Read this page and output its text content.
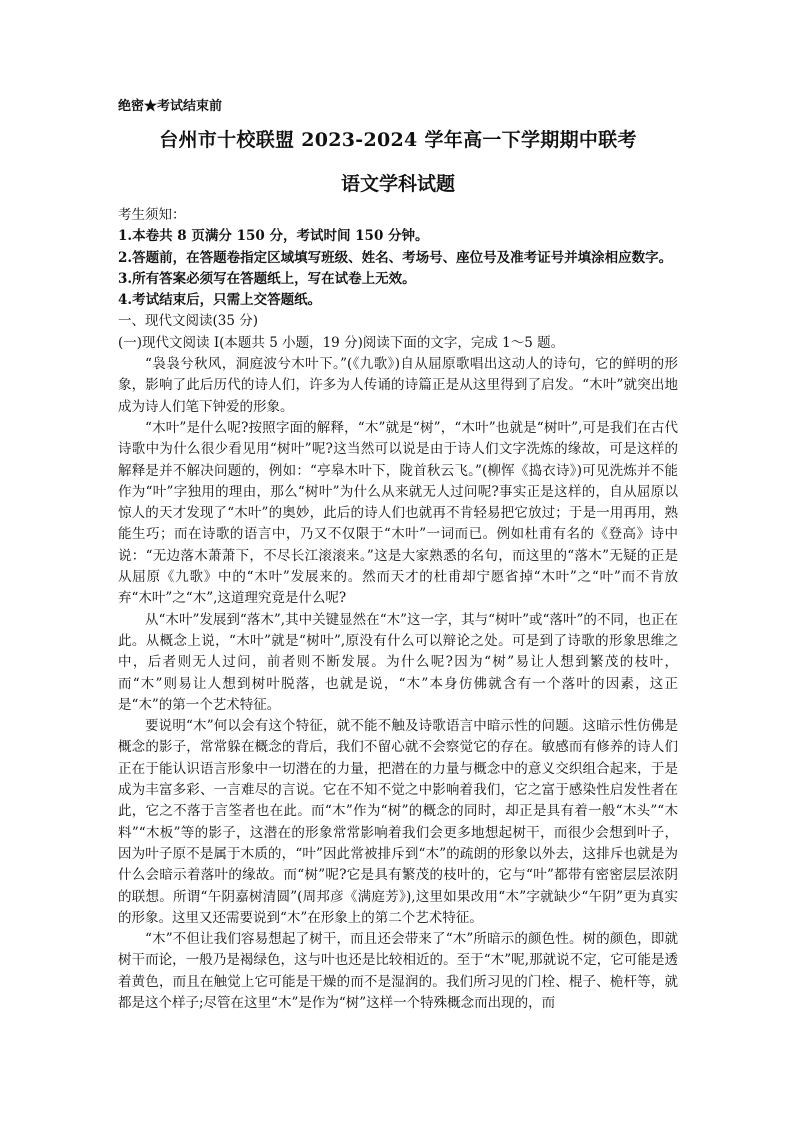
绝密★考试结束前

台州市十校联盟 2023-2024 学年高一下学期期中联考

语文学科试题

考生须知：

1.本卷共 8 页满分 150 分，考试时间 150 分钟。

2.答题前，在答题卷指定区域填写班级、姓名、考场号、座位号及准考证号并填涂相应数字。

3.所有答案必须写在答题纸上，写在试卷上无效。

4.考试结束后，只需上交答题纸。

一、现代文阅读(35 分)

(一)现代文阅读 I(本题共 5 小题，19 分)阅读下面的文字，完成 1～5 题。

“袅袅兮秋风，洞庭波兮木叶下。”(《九歌》)自从屈原歌唱出这动人的诗句，它的鲜明的形象，影响了此后历代的诗人们，许多为人传诵的诗篇正是从这里得到了启发。“木叶”就突出地成为诗人们笔下钟爱的形象。

“木叶”是什么呢?按照字面的解释，“木”就是“树”，“木叶”也就是“树叶”,可是我们在古代诗歌中为什么很少看见用“树叶”呢?这当然可以说是由于诗人们文字洗炼的缘故，可是这样的解释是并不解决问题的，例如：“亭皋木叶下，陇首秋云飞。”(柳恽《捣衣诗》)可见洗炼并不能作为“叶”字独用的理由，那么“树叶”为什么从来就无人过问呢?事实正是这样的，自从屈原以惊人的天才发现了“木叶”的奥妙，此后的诗人们也就再不肯轻易把它放过；于是一用再用，熟能生巧；而在诗歌的语言中，乃又不仅限于“木叶”一词而已。例如杜甫有名的《登高》诗中说：“无边落木萧萧下，不尽长江滚滚来。”这是大家熟悉的名句，而这里的“落木”无疑的正是从屈原《九歌》中的“木叶”发展来的。然而天才的杜甫却宁愿省掉“木叶”之“叶”而不肯放弃“木叶”之“木”,这道理究竟是什么呢?

从“木叶”发展到“落木”,其中关键显然在“木”这一字，其与“树叶”或“落叶”的不同，也正在此。从概念上说，“木叶”就是“树叶”,原没有什么可以辩论之处。可是到了诗歌的形象思维之中，后者则无人过问，前者则不断发展。为什么呢?因为“树”易让人想到繁茂的枝叶，而“木”则易让人想到树叶脱落，也就是说，“木”本身仿佛就含有一个落叶的因素，这正是“木”的第一个艺术特征。

要说明“木”何以会有这个特征，就不能不触及诗歌语言中暗示性的问题。这暗示性仿佛是概念的影子，常常躲在概念的背后，我们不留心就不会察觉它的存在。敏感而有修养的诗人们正在于能认识语言形象中一切潜在的力量，把潜在的力量与概念中的意义交织组合起来，于是成为丰富多彩、一言难尽的言说。它在不知不觉之中影响着我们，它之富于感染性启发性者在此，它之不落于言筌者也在此。而“木”作为“树”的概念的同时，却正是具有着一般“木头”“木料”“木板”等的影子，这潜在的形象常常影响着我们会更多地想起树干，而很少会想到叶子，因为叶子原不是属于木质的，“叶”因此常被排斥到“木”的疏朗的形象以外去，这排斥也就是为什么会暗示着落叶的缘故。而“树”呢?它是具有繁茂的枝叶的，它与“叶”都带有密密层层浓阴的联想。所谓“午阴嘉树清圆”(周邦彦《满庭芳》),这里如果改用“木”字就缺少“午阴”更为真实的形象。这里又还需要说到“木”在形象上的第二个艺术特征。

“木”不但让我们容易想起了树干，而且还会带来了“木”所暗示的颜色性。树的颜色，即就树干而论，一般乃是褐绿色，这与叶也还是比较相近的。至于“木”呢,那就说不定，它可能是透着黄色，而且在触觉上它可能是干燥的而不是湿润的。我们所习见的门栓、棍子、桅杆等，就都是这个样子;尽管在这里“木”是作为“树”这样一个特殊概念而出现的，而
